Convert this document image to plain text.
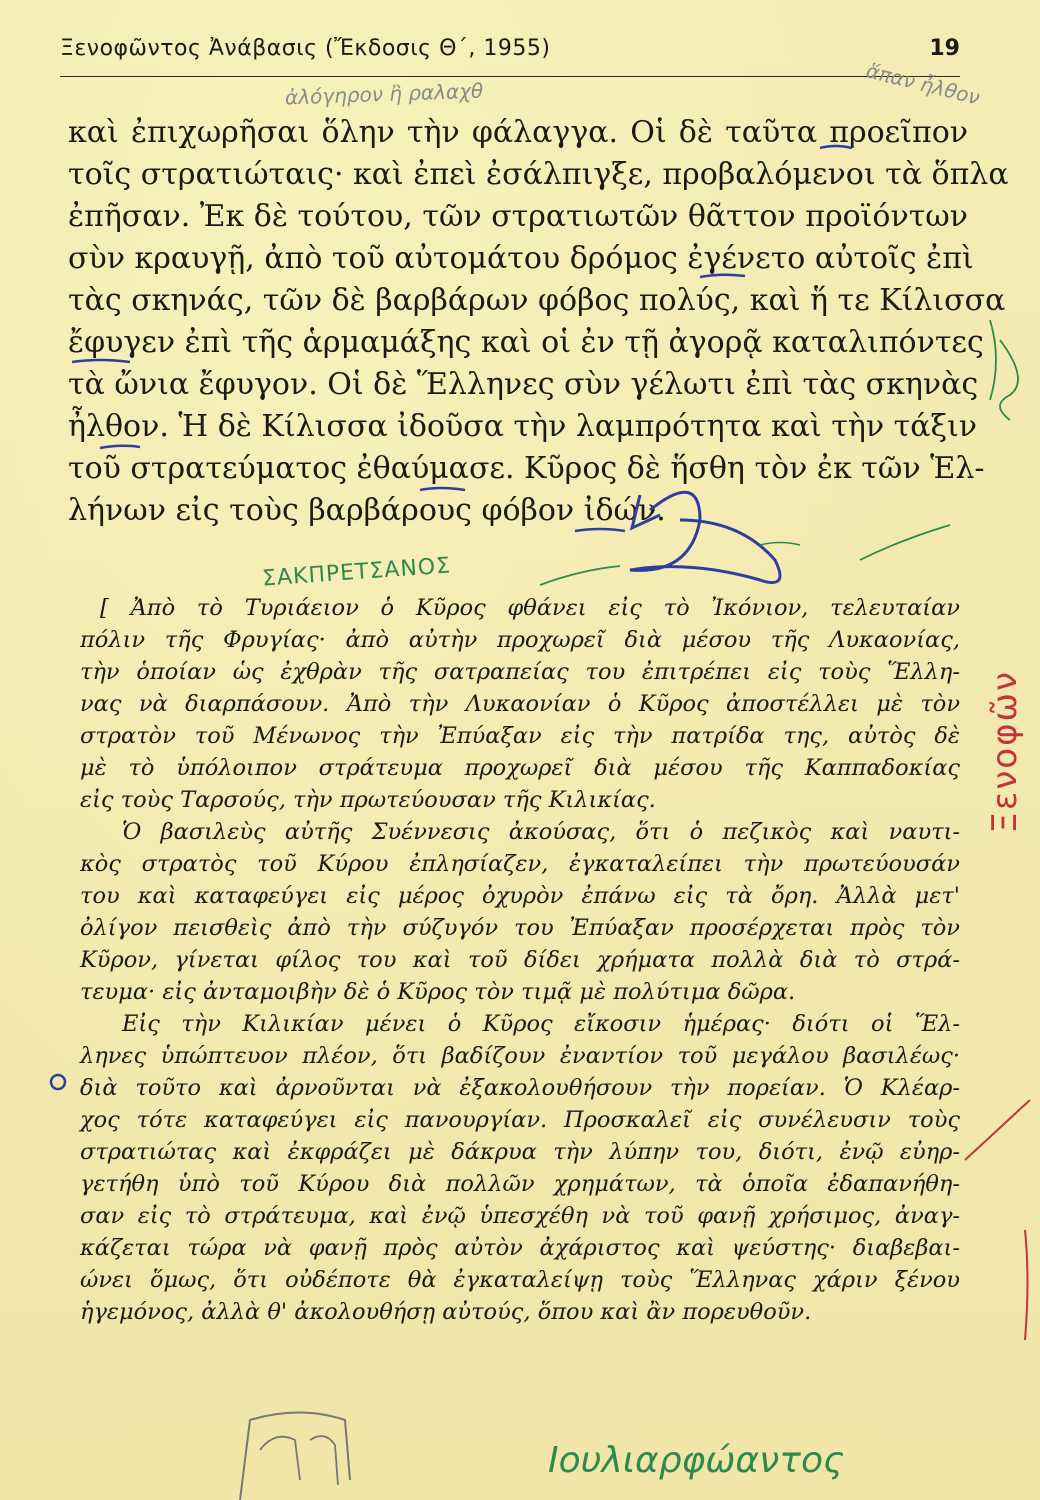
Ξενοφῶντος Ἀνάβασις (Ἔκδοσις Θ΄, 1955)	19
ἀλόγηρον ἢ ραλαχθ	ἅπαν ἦλθον
καὶ ἐπιχωρῆσαι ὅλην τὴν φάλαγγα. Οἱ δὲ ταῦτα προεῖπον
τοῖς στρατιώταις· καὶ ἐπεὶ ἐσάλπιγξε, προβαλόμενοι τὰ ὅπλα
ἐπῆσαν. Ἐκ δὲ τούτου, τῶν στρατιωτῶν θᾶττον προϊόντων
σὺν κραυγῇ, ἀπὸ τοῦ αὐτομάτου δρόμος ἐγένετο αὐτοῖς ἐπὶ
τὰς σκηνάς, τῶν δὲ βαρβάρων φόβος πολύς, καὶ ἥ τε Κίλισσα
ἔφυγεν ἐπὶ τῆς ἁρμαμάξης καὶ οἱ ἐν τῇ ἀγορᾷ καταλιπόντες
τὰ ὤνια ἔφυγον. Οἱ δὲ Ἕλληνες σὺν γέλωτι ἐπὶ τὰς σκηνὰς
ἦλθον. Ἡ δὲ Κίλισσα ἰδοῦσα τὴν λαμπρότητα καὶ τὴν τάξιν
τοῦ στρατεύματος ἐθαύμασε. Κῦρος δὲ ἥσθη τὸν ἐκ τῶν Ἑλ-
λήνων εἰς τοὺς βαρβάρους φόβον ἰδών.
ΣΑΚΠΡΕΤΣΑΝΟΣ
[ Ἀπὸ τὸ Τυριάειον ὁ Κῦρος φθάνει εἰς τὸ Ἰκόνιον, τελευταίαν
πόλιν τῆς Φρυγίας· ἀπὸ αὐτὴν προχωρεῖ διὰ μέσου τῆς Λυκαονίας,
τὴν ὁποίαν ὡς ἐχθρὰν τῆς σατραπείας του ἐπιτρέπει εἰς τοὺς Ἕλλη-
νας νὰ διαρπάσουν. Ἀπὸ τὴν Λυκαονίαν ὁ Κῦρος ἀποστέλλει μὲ τὸν
στρατὸν τοῦ Μένωνος τὴν Ἐπύαξαν εἰς τὴν πατρίδα της, αὐτὸς δὲ
μὲ τὸ ὑπόλοιπον στράτευμα προχωρεῖ διὰ μέσου τῆς Καππαδοκίας
εἰς τοὺς Ταρσούς, τὴν πρωτεύουσαν τῆς Κιλικίας.
Ὁ βασιλεὺς αὐτῆς Συέννεσις ἀκούσας, ὅτι ὁ πεζικὸς καὶ ναυτι-
κὸς στρατὸς τοῦ Κύρου ἐπλησίαζεν, ἐγκαταλείπει τὴν πρωτεύουσάν
του καὶ καταφεύγει εἰς μέρος ὀχυρὸν ἐπάνω εἰς τὰ ὄρη. Ἀλλὰ μετ'
ὀλίγον πεισθεὶς ἀπὸ τὴν σύζυγόν του Ἐπύαξαν προσέρχεται πρὸς τὸν
Κῦρον, γίνεται φίλος του καὶ τοῦ δίδει χρήματα πολλὰ διὰ τὸ στρά-
τευμα· εἰς ἀνταμοιβὴν δὲ ὁ Κῦρος τὸν τιμᾷ μὲ πολύτιμα δῶρα.
Εἰς τὴν Κιλικίαν μένει ὁ Κῦρος εἴκοσιν ἡμέρας· διότι οἱ Ἕλ-
ληνες ὑπώπτευον πλέον, ὅτι βαδίζουν ἐναντίον τοῦ μεγάλου βασιλέως·
διὰ τοῦτο καὶ ἀρνοῦνται νὰ ἐξακολουθήσουν τὴν πορείαν. Ὁ Κλέαρ-
χος τότε καταφεύγει εἰς πανουργίαν. Προσκαλεῖ εἰς συνέλευσιν τοὺς
στρατιώτας καὶ ἐκφράζει μὲ δάκρυα τὴν λύπην του, διότι, ἐνῷ εὐηρ-
γετήθη ὑπὸ τοῦ Κύρου διὰ πολλῶν χρημάτων, τὰ ὁποῖα ἐδαπανήθη-
σαν εἰς τὸ στράτευμα, καὶ ἐνῷ ὑπεσχέθη νὰ τοῦ φανῇ χρήσιμος, ἀναγ-
κάζεται τώρα νὰ φανῇ πρὸς αὐτὸν ἀχάριστος καὶ ψεύστης· διαβεβαι-
ώνει ὅμως, ὅτι οὐδέποτε θὰ ἐγκαταλείψῃ τοὺς Ἕλληνας χάριν ξένου
ἡγεμόνος, ἀλλὰ θ' ἀκολουθήσῃ αὐτούς, ὅπου καὶ ἂν πορευθοῦν.
Ξενοφῶν
Ιουλιαρφώαντος
